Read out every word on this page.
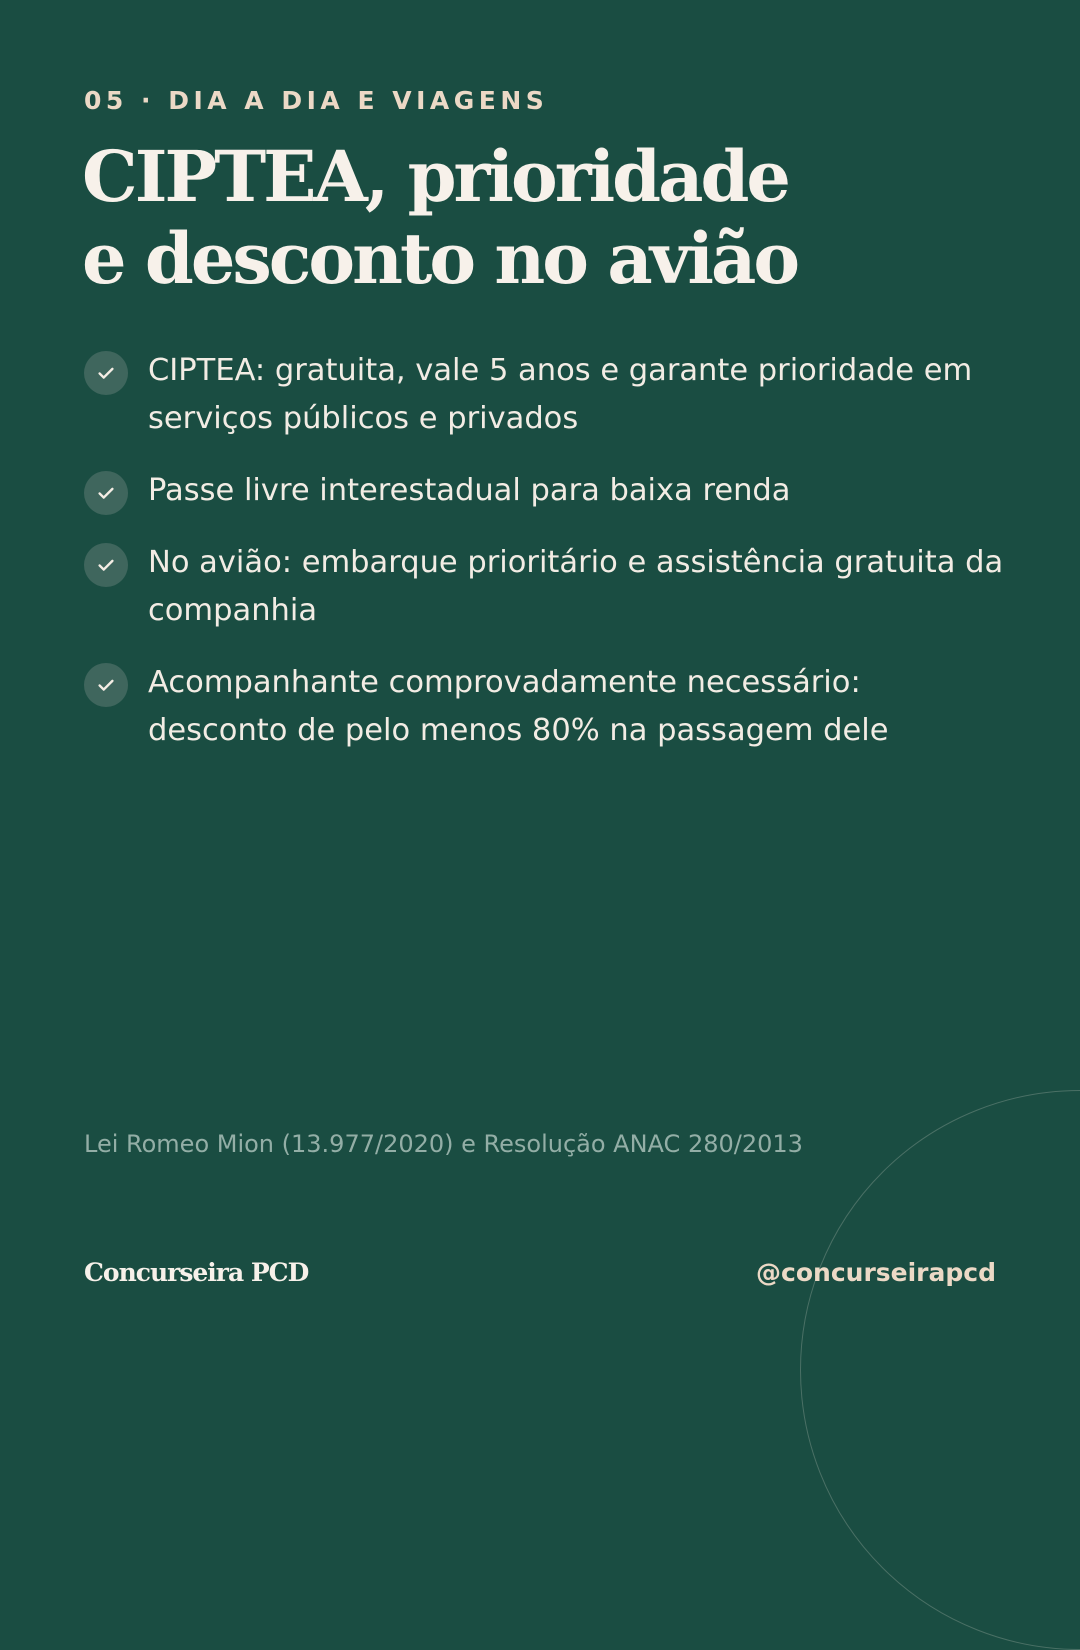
05 · DIA A DIA E VIAGENS
CIPTEA, prioridade
e desconto no avião
CIPTEA: gratuita, vale 5 anos e garante prioridade em serviços públicos e privados
Passe livre interestadual para baixa renda
No avião: embarque prioritário e assistência gratuita da companhia
Acompanhante comprovadamente necessário: desconto de pelo menos 80% na passagem dele
Lei Romeo Mion (13.977/2020) e Resolução ANAC 280/2013
Concurseira PCD	@concurseirapcd
